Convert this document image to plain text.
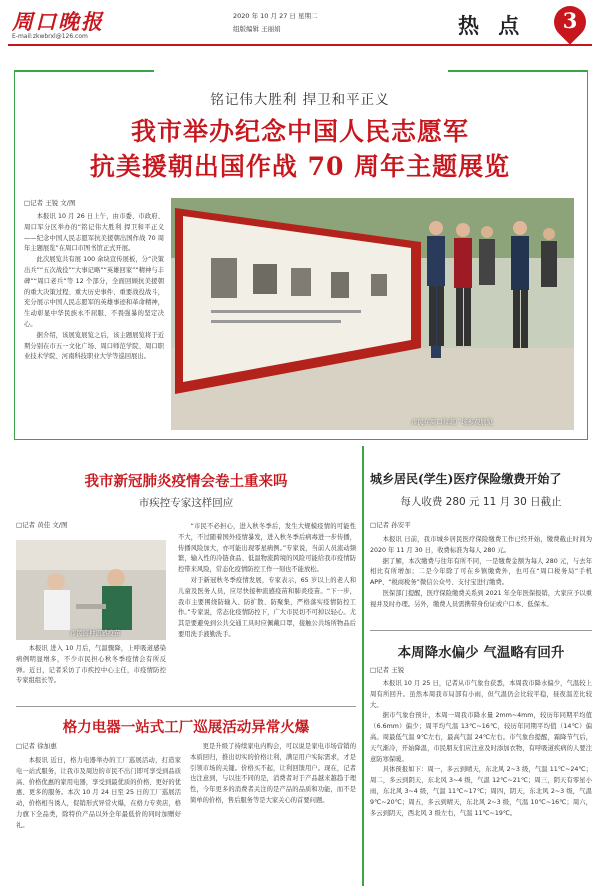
周口晚报
E-mail:zkwbrxl@126.com
2020 年 10 月 27 日 星期二
组版编辑 王丽娟	热 点	3
铭记伟大胜利 捍卫和平正义
我市举办纪念中国人民志愿军
抗美援朝出国作战 70 周年主题展览
□记者 王锐 文/图

本报讯 10 月 26 日上午，由市委、市政府、周口军分区举办的“铭记伟大胜利 捍卫和平正义——纪念中国人民志愿军抗美援朝出国作战 70 周年主题展览”在周口市图书馆正式开展。

此次展览共有展 100 余块宣传展板，分“决策出兵”“五次战役”“大事记略”“英雄回家”“精神与丰碑”“周口老兵”等 12 个部分，全面回顾抗美援朝的重大决策过程、重大历史事件、重要战役战斗，充分展示中国人民志愿军的英雄事迹和革命精神，生动彰显中华民族永不屈服、不畏强暴的坚定决心。

据介绍，该展览展览之后，该主题展览将于近期分别在市五一文化广场、周口师范学院、周口职业技术学院、河南科技职业大学等巡回展出。

市民在周口和谐广场参观展览
我市新冠肺炎疫情会卷土重来吗
市疾控专家这样回应
□记者 黄佳 文/图
市民接种流感疫苗

本报讯 进入 10 月后，气温骤降，上呼吸道感染病例明显增多，不少市民担心秋冬季疫情会有所反弹。近日，记者采访了市疾控中心主任，市疫情防控专家组组长等。

“市民不必担心，进入秋冬季后，发生大规模疫情的可能性不大，不过随着国外疫情暴发，进入秋冬季后病毒进一步传播，传播风险加大，亦可能出现零星病例。”专家说，当前人员流动频繁，输入性的冷链食品、低温物流跨境的风险可能给我市疫情防控带来风险，常态化疫情防控工作一刻也不能放松。

对于新冠秋冬季疫情发展，专家表示，65 岁以上的老人和儿童及医务人员，应尽快接种流感疫苗和肺炎疫苗。“下一步，我市主要围绕防输入、防扩散、防聚集，严格落实疫情防控工作。”专家说，常态化疫情防控下，广大市民切不可掉以轻心。尤其是要避免到公共交通工具时应佩戴口罩，接触公共场所物品后要用洗手液勤洗手。

格力电器一站式工厂巡展活动异常火爆
□记者 徐加惠

本报讯 近日，格力电器举办的工厂巡展活动，打造家电一站式服务，让我市及周边的市民不出门即可享受到品质高、价格优惠的家用电器，享受到最优质的价格、更好的优惠、更多的服务。本次 10 月 24 日至 25 日的工厂巡展活动，价格相当诱人，促销形式异常火爆，在格力专卖店，格力旗下全品类，除特价产品以外全年最低价的同时加赠好礼。

更是升级了持续家电内购会，可以说是家电市场营销的本质回归，推出切实的价格让利，满足用户实际需求，才是引领市场的关键。价格买不起，让利回馈用户。现在，记者也注意到，与以往不同的是，消费者对于产品越来越趋于理性，今年更多的消费者关注的是产品的品质和功能，而不是简单的价格，售后服务等是大家关心的首要问题。

城乡居民(学生)医疗保险缴费开始了
每人收费 280 元 11 月 30 日截止
□记者 孙安平

本报讯 日前，我市城乡居民医疗保险缴费工作已经开始，缴费截止时间为 2020 年 11 月 30 日，收费标准为每人 280 元。

据了解，本次缴费与往年有所不同，一是缴费金额为每人 280 元，与去年相比有所增加；二是今年除了可在乡镇缴费外，也可在“周口税务局”手机 APP、“税商税务”微信公众号、支付宝进行缴费。

医保部门提醒，医疗保险缴费关系到 2021 年全年医保报销，大家应予以重视并及时办理。另外，缴费人员需携带身份证或户口本、低保本。

本周降水偏少 气温略有回升
□记者 王锐

本报讯 10 月 25 日，记者从市气象台获悉，本周我市降水偏少，气温较上周有所回升。虽然本周我市局部有小雨，但气温仍会比较平稳，昼夜温差比较大。

据市气象台预计，本周一周我市降水量 2mm~4mm，较历年同期平均值（6.6mm）偏少；周平均气温 13℃~16℃，较历年同期平均值（14℃）偏高。周最低气温 9℃左右，最高气温 24℃左右。市气象台提醒，霜降节气后，天气渐冷，开始降温，市民朋友们应注意及时添加衣物，有呼吸道疾病的人要注意防寒保暖。

具体预报如下：周一，多云到晴天，东北风 2~3 级，气温 11℃~24℃；周二，多云到阴天，东北风 3~4 级，气温 12℃~21℃；周三，阴天有零星小雨，东北风 3~4 级，气温 11℃~17℃；周四，阴天，东北风 2~3 级，气温 9℃~20℃；周五，多云到晴天，东北风 2~3 级，气温 10℃~16℃；周六，多云到阴天，西北风 3 级左右，气温 11℃~19℃。
